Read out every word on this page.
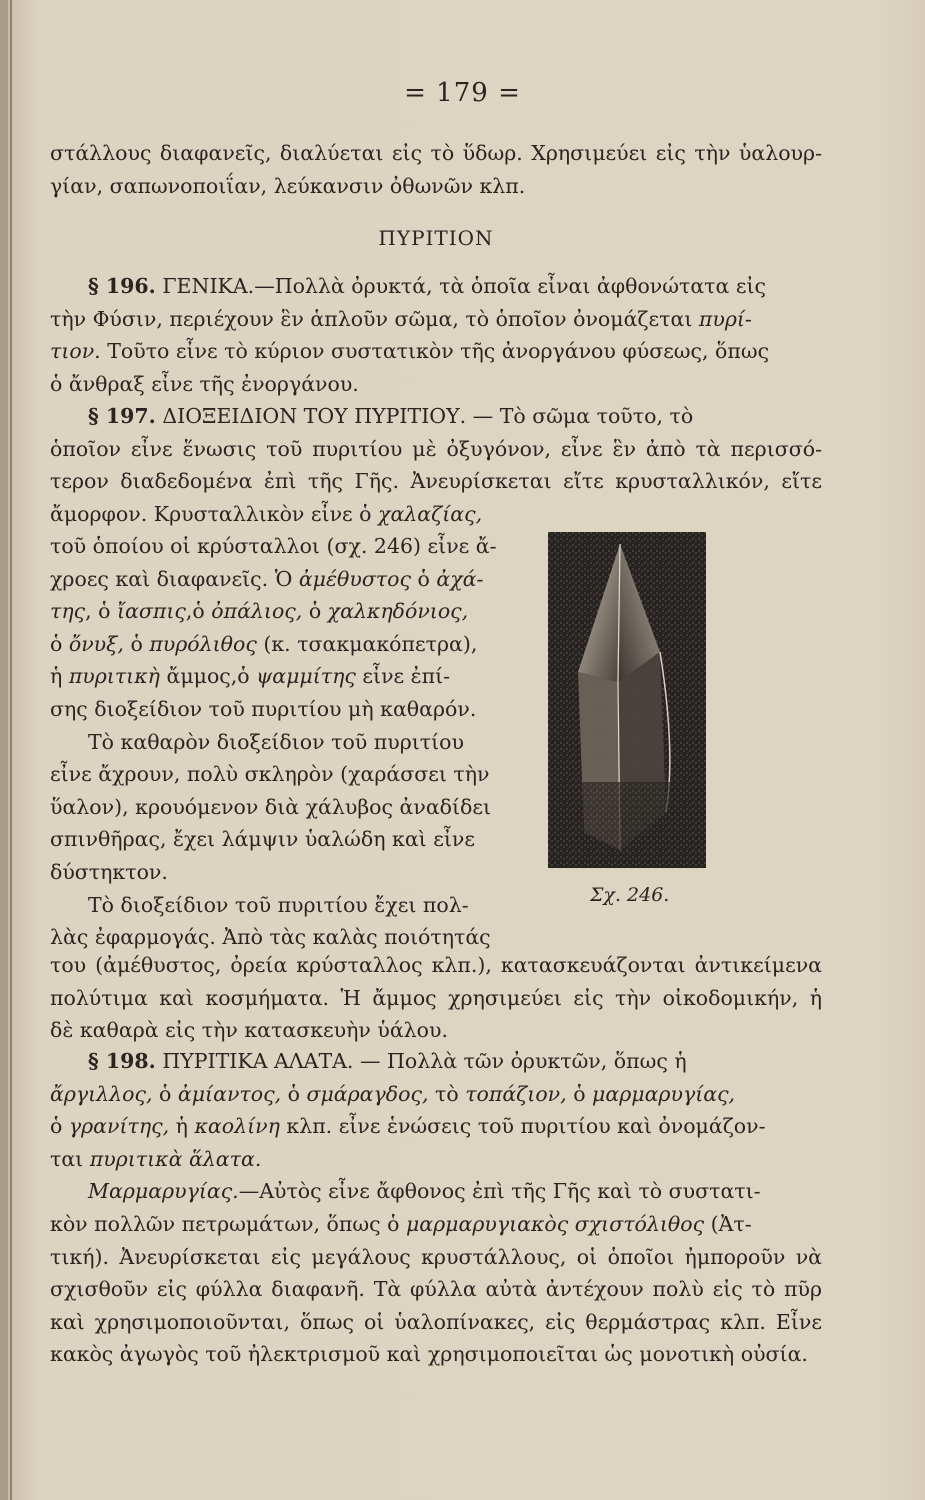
= 179 =
στάλλους διαφανεῖς, διαλύεται εἰς τὸ ὕδωρ. Χρησιμεύει εἰς τὴν ὑαλουρ-
γίαν, σαπωνοποιΐαν, λεύκανσιν ὀθωνῶν κλπ.
ΠΥΡΙΤΙΟΝ
§ 196. ΓΕΝΙΚΑ.—Πολλὰ ὀρυκτά, τὰ ὁποῖα εἶναι ἀφθονώτατα εἰς
τὴν Φύσιν, περιέχουν ἓν ἁπλοῦν σῶμα, τὸ ὁποῖον ὀνομάζεται πυρί-
τιον. Τοῦτο εἶνε τὸ κύριον συστατικὸν τῆς ἀνοργάνου φύσεως, ὅπως
ὁ ἄνθραξ εἶνε τῆς ἐνοργάνου.
§ 197. ΔΙΟΞΕΙΔΙΟΝ ΤΟΥ ΠΥΡΙΤΙΟΥ. — Τὸ σῶμα τοῦτο, τὸ
ὁποῖον εἶνε ἕνωσις τοῦ πυριτίου μὲ ὀξυγόνον, εἶνε ἓν ἀπὸ τὰ περισσό-
τερον διαδεδομένα ἐπὶ τῆς Γῆς. Ἀνευρίσκεται εἴτε κρυσταλλικόν, εἴτε
ἄμορφον. Κρυσταλλικὸν εἶνε ὁ χαλαζίας,
τοῦ ὁποίου οἱ κρύσταλλοι (σχ. 246) εἶνε ἄ-
χροες καὶ διαφανεῖς. Ὁ ἀμέθυστος ὁ ἀχά-
της, ὁ ἴασπις,ὁ ὀπάλιος, ὁ χαλκηδόνιος,
ὁ ὄνυξ, ὁ πυρόλιθος (κ. τσακμακόπετρα),
ἡ πυριτικὴ ἄμμος,ὁ ψαμμίτης εἶνε ἐπί-
σης διοξείδιον τοῦ πυριτίου μὴ καθαρόν.
Τὸ καθαρὸν διοξείδιον τοῦ πυριτίου
εἶνε ἄχρουν, πολὺ σκληρὸν (χαράσσει τὴν
ὕαλον), κρουόμενον διὰ χάλυβος ἀναδίδει
σπινθῆρας, ἔχει λάμψιν ὑαλώδη καὶ εἶνε
δύστηκτον.
Τὸ διοξείδιον τοῦ πυριτίου ἔχει πολ-
λὰς ἐφαρμογάς. Ἀπὸ τὰς καλὰς ποιότητάς
Σχ. 246.
του (ἀμέθυστος, ὀρεία κρύσταλλος κλπ.), κατασκευάζονται ἀντικείμενα
πολύτιμα καὶ κοσμήματα. Ἡ ἄμμος χρησιμεύει εἰς τὴν οἰκοδομικήν, ἡ
δὲ καθαρὰ εἰς τὴν κατασκευὴν ὑάλου.
§ 198. ΠΥΡΙΤΙΚΑ ΑΛΑΤΑ. — Πολλὰ τῶν ὀρυκτῶν, ὅπως ἡ
ἄργιλλος, ὁ ἀμίαντος, ὁ σμάραγδος, τὸ τοπάζιον, ὁ μαρμαρυγίας,
ὁ γρανίτης, ἡ καολίνη κλπ. εἶνε ἑνώσεις τοῦ πυριτίου καὶ ὀνομάζον-
ται πυριτικὰ ἅλατα.
Μαρμαρυγίας.—Αὐτὸς εἶνε ἄφθονος ἐπὶ τῆς Γῆς καὶ τὸ συστατι-
κὸν πολλῶν πετρωμάτων, ὅπως ὁ μαρμαρυγιακὸς σχιστόλιθος (Ἀτ-
τική). Ἀνευρίσκεται εἰς μεγάλους κρυστάλλους, οἱ ὁποῖοι ἠμποροῦν νὰ
σχισθοῦν εἰς φύλλα διαφανῆ. Τὰ φύλλα αὐτὰ ἀντέχουν πολὺ εἰς τὸ πῦρ
καὶ χρησιμοποιοῦνται, ὅπως οἱ ὑαλοπίνακες, εἰς θερμάστρας κλπ. Εἶνε
κακὸς ἀγωγὸς τοῦ ἠλεκτρισμοῦ καὶ χρησιμοποιεῖται ὡς μονοτικὴ οὐσία.
